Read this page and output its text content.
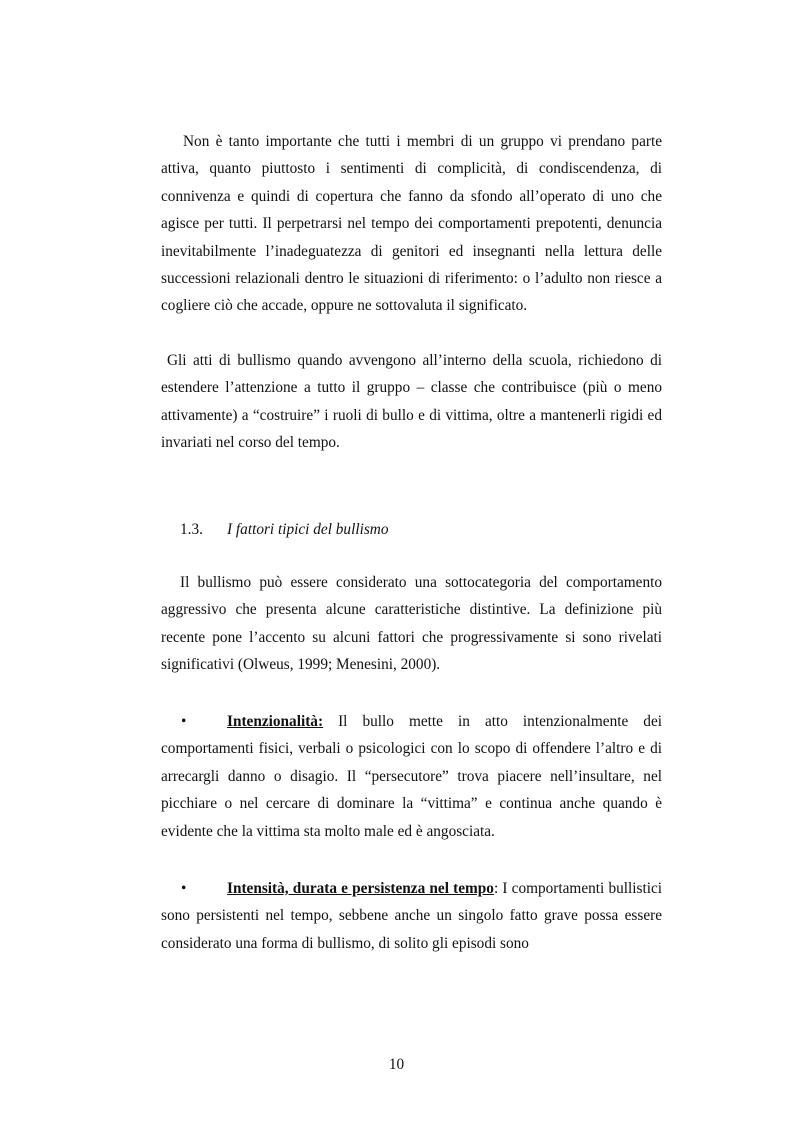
Non è tanto importante che tutti i membri di un gruppo vi prendano parte attiva, quanto piuttosto i sentimenti di complicità, di condiscendenza, di connivenza e quindi di copertura che fanno da sfondo all’operato di uno che agisce per tutti. Il perpetrarsi nel tempo dei comportamenti prepotenti, denuncia inevitabilmente l’inadeguatezza di genitori ed insegnanti nella lettura delle successioni relazionali dentro le situazioni di riferimento: o l’adulto non riesce a cogliere ciò che accade, oppure ne sottovaluta il significato.

Gli atti di bullismo quando avvengono all’interno della scuola, richiedono di estendere l’attenzione a tutto il gruppo – classe che contribuisce (più o meno attivamente) a “costruire” i ruoli di bullo e di vittima, oltre a mantenerli rigidi ed invariati nel corso del tempo.

1.3. I fattori tipici del bullismo

Il bullismo può essere considerato una sottocategoria del comportamento aggressivo che presenta alcune caratteristiche distintive. La definizione più recente pone l’accento su alcuni fattori che progressivamente si sono rivelati significativi (Olweus, 1999; Menesini, 2000).

•	Intenzionalità: Il bullo mette in atto intenzionalmente dei comportamenti fisici, verbali o psicologici con lo scopo di offendere l’altro e di arrecargli danno o disagio. Il “persecutore” trova piacere nell’insultare, nel picchiare o nel cercare di dominare la “vittima” e continua anche quando è evidente che la vittima sta molto male ed è angosciata.

•	Intensità, durata e persistenza nel tempo: I comportamenti bullistici sono persistenti nel tempo, sebbene anche un singolo fatto grave possa essere considerato una forma di bullismo, di solito gli episodi sono

10
